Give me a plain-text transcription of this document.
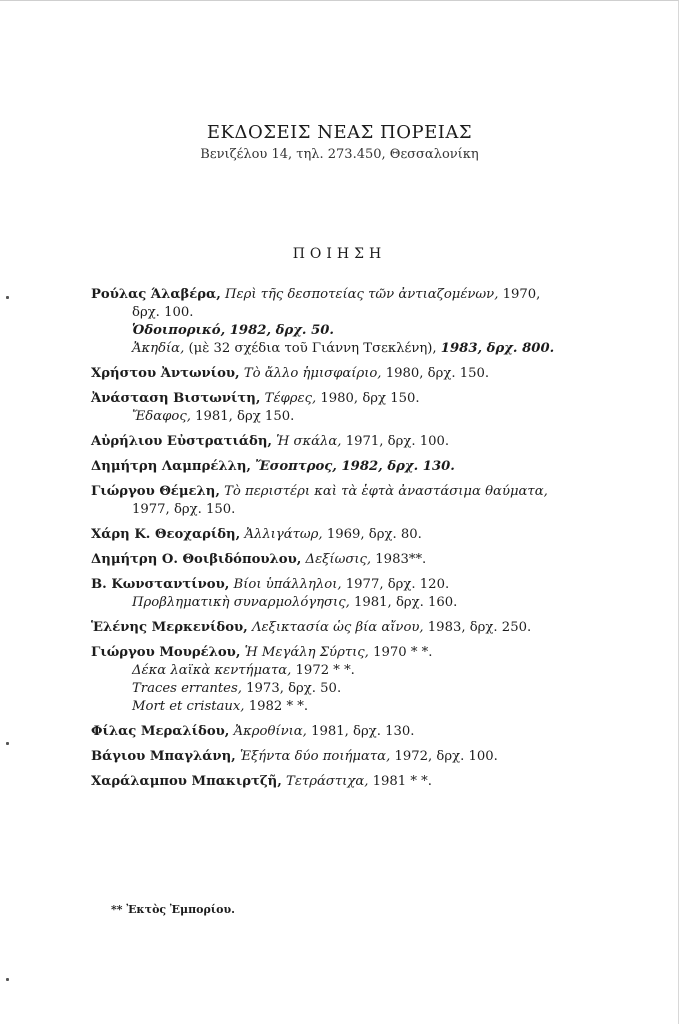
ΕΚΔΟΣΕΙΣ ΝΕΑΣ ΠΟΡΕΙΑΣ
Βενιζέλου 14, τηλ. 273.450, Θεσσαλονίκη
ΠΟΙΗΣΗ
Ρούλας Άλαβέρα, Περὶ τῆς δεσποτείας τῶν ἀντιαζομένων, 1970,
δρχ. 100.
Ὁδοιπορικό, 1982, δρχ. 50.
Ἀκηδία, (μὲ 32 σχέδια τοῦ Γιάννη Τσεκλένη), 1983, δρχ. 800.
Χρήστου Ἀντωνίου, Τὸ ἄλλο ἡμισφαίριο, 1980, δρχ. 150.
Ἀνάσταση Βιστωνίτη, Τέφρες, 1980, δρχ 150.
Ἔδαφος, 1981, δρχ 150.
Αὐρήλιου Εὐστρατιάδη, Ἡ σκάλα, 1971, δρχ. 100.
Δημήτρη Λαμπρέλλη, Ἔσοπτρος, 1982, δρχ. 130.
Γιώργου Θέμελη, Τὸ περιστέρι καὶ τὰ ἑφτὰ ἀναστάσιμα θαύματα,
1977, δρχ. 150.
Χάρη Κ. Θεοχαρίδη, Ἀλλιγάτωρ, 1969, δρχ. 80.
Δημήτρη Ο. Θοιβιδόπουλου, Δεξίωσις, 1983**.
Β. Κωνσταντίνου, Βίοι ὑπάλληλοι, 1977, δρχ. 120.
Προβληματικὴ συναρμολόγησις, 1981, δρχ. 160.
Ἑλένης Μερκενίδου, Λεξικτασία ὡς βία αἴνου, 1983, δρχ. 250.
Γιώργου Μουρέλου, Ἡ Μεγάλη Σύρτις, 1970 * *.
Δέκα λαϊκὰ κεντήματα, 1972 * *.
Traces errantes, 1973, δρχ. 50.
Mort et cristaux, 1982 * *.
Φίλας Μεραλίδου, Ἀκροθίνια, 1981, δρχ. 130.
Βάγιου Μπαγλάνη, Ἑξήντα δύο ποιήματα, 1972, δρχ. 100.
Χαράλαμπου Μπακιρτζῆ, Τετράστιχα, 1981 * *.
** Ἐκτὸς Ἐμπορίου.
